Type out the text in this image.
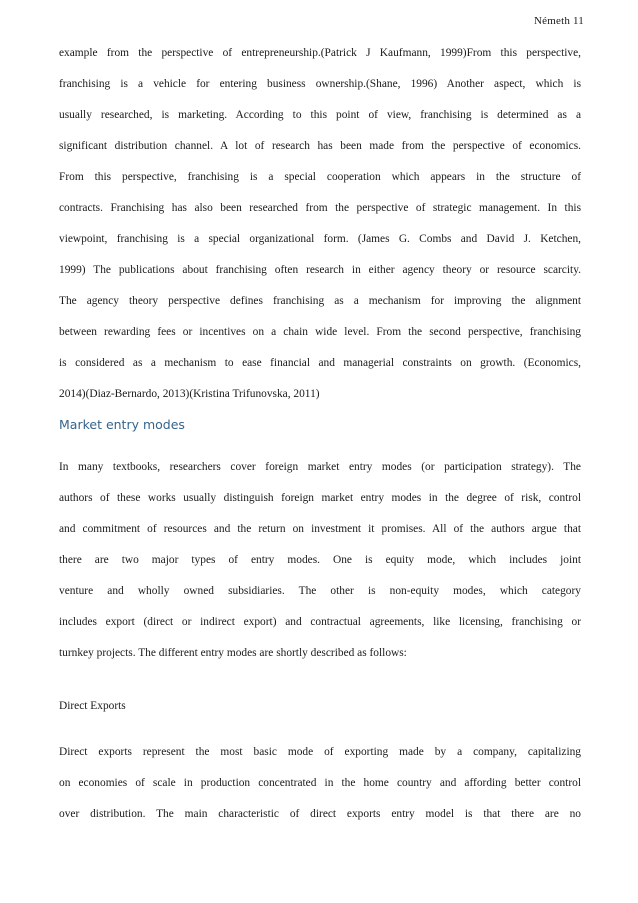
Németh 11
example from the perspective of entrepreneurship.(Patrick J Kaufmann, 1999)From this perspective,
franchising is a vehicle for entering business ownership.(Shane, 1996) Another aspect, which is
usually researched, is marketing. According to this point of view, franchising is determined as a
significant distribution channel. A lot of research has been made from the perspective of economics.
From this perspective, franchising is a special cooperation which appears in the structure of
contracts. Franchising has also been researched from the perspective of strategic management. In this
viewpoint, franchising is a special organizational form. (James G. Combs and David J. Ketchen,
1999) The publications about franchising often research in either agency theory or resource scarcity.
The agency theory perspective defines franchising as a mechanism for improving the alignment
between rewarding fees or incentives on a chain wide level. From the second perspective, franchising
is considered as a mechanism to ease financial and managerial constraints on growth. (Economics,
2014)(Diaz-Bernardo, 2013)(Kristina Trifunovska, 2011)
Market entry modes
In many textbooks, researchers cover foreign market entry modes (or participation strategy). The
authors of these works usually distinguish foreign market entry modes in the degree of risk, control
and commitment of resources and the return on investment it promises. All of the authors argue that
there are two major types of entry modes. One is equity mode, which includes joint
venture and wholly owned subsidiaries. The other is non-equity modes, which category
includes export (direct or indirect export) and contractual agreements, like licensing, franchising or
turnkey projects. The different entry modes are shortly described as follows:
Direct Exports
Direct exports represent the most basic mode of exporting made by a company, capitalizing
on economies of scale in production concentrated in the home country and affording better control
over distribution. The main characteristic of direct exports entry model is that there are no
